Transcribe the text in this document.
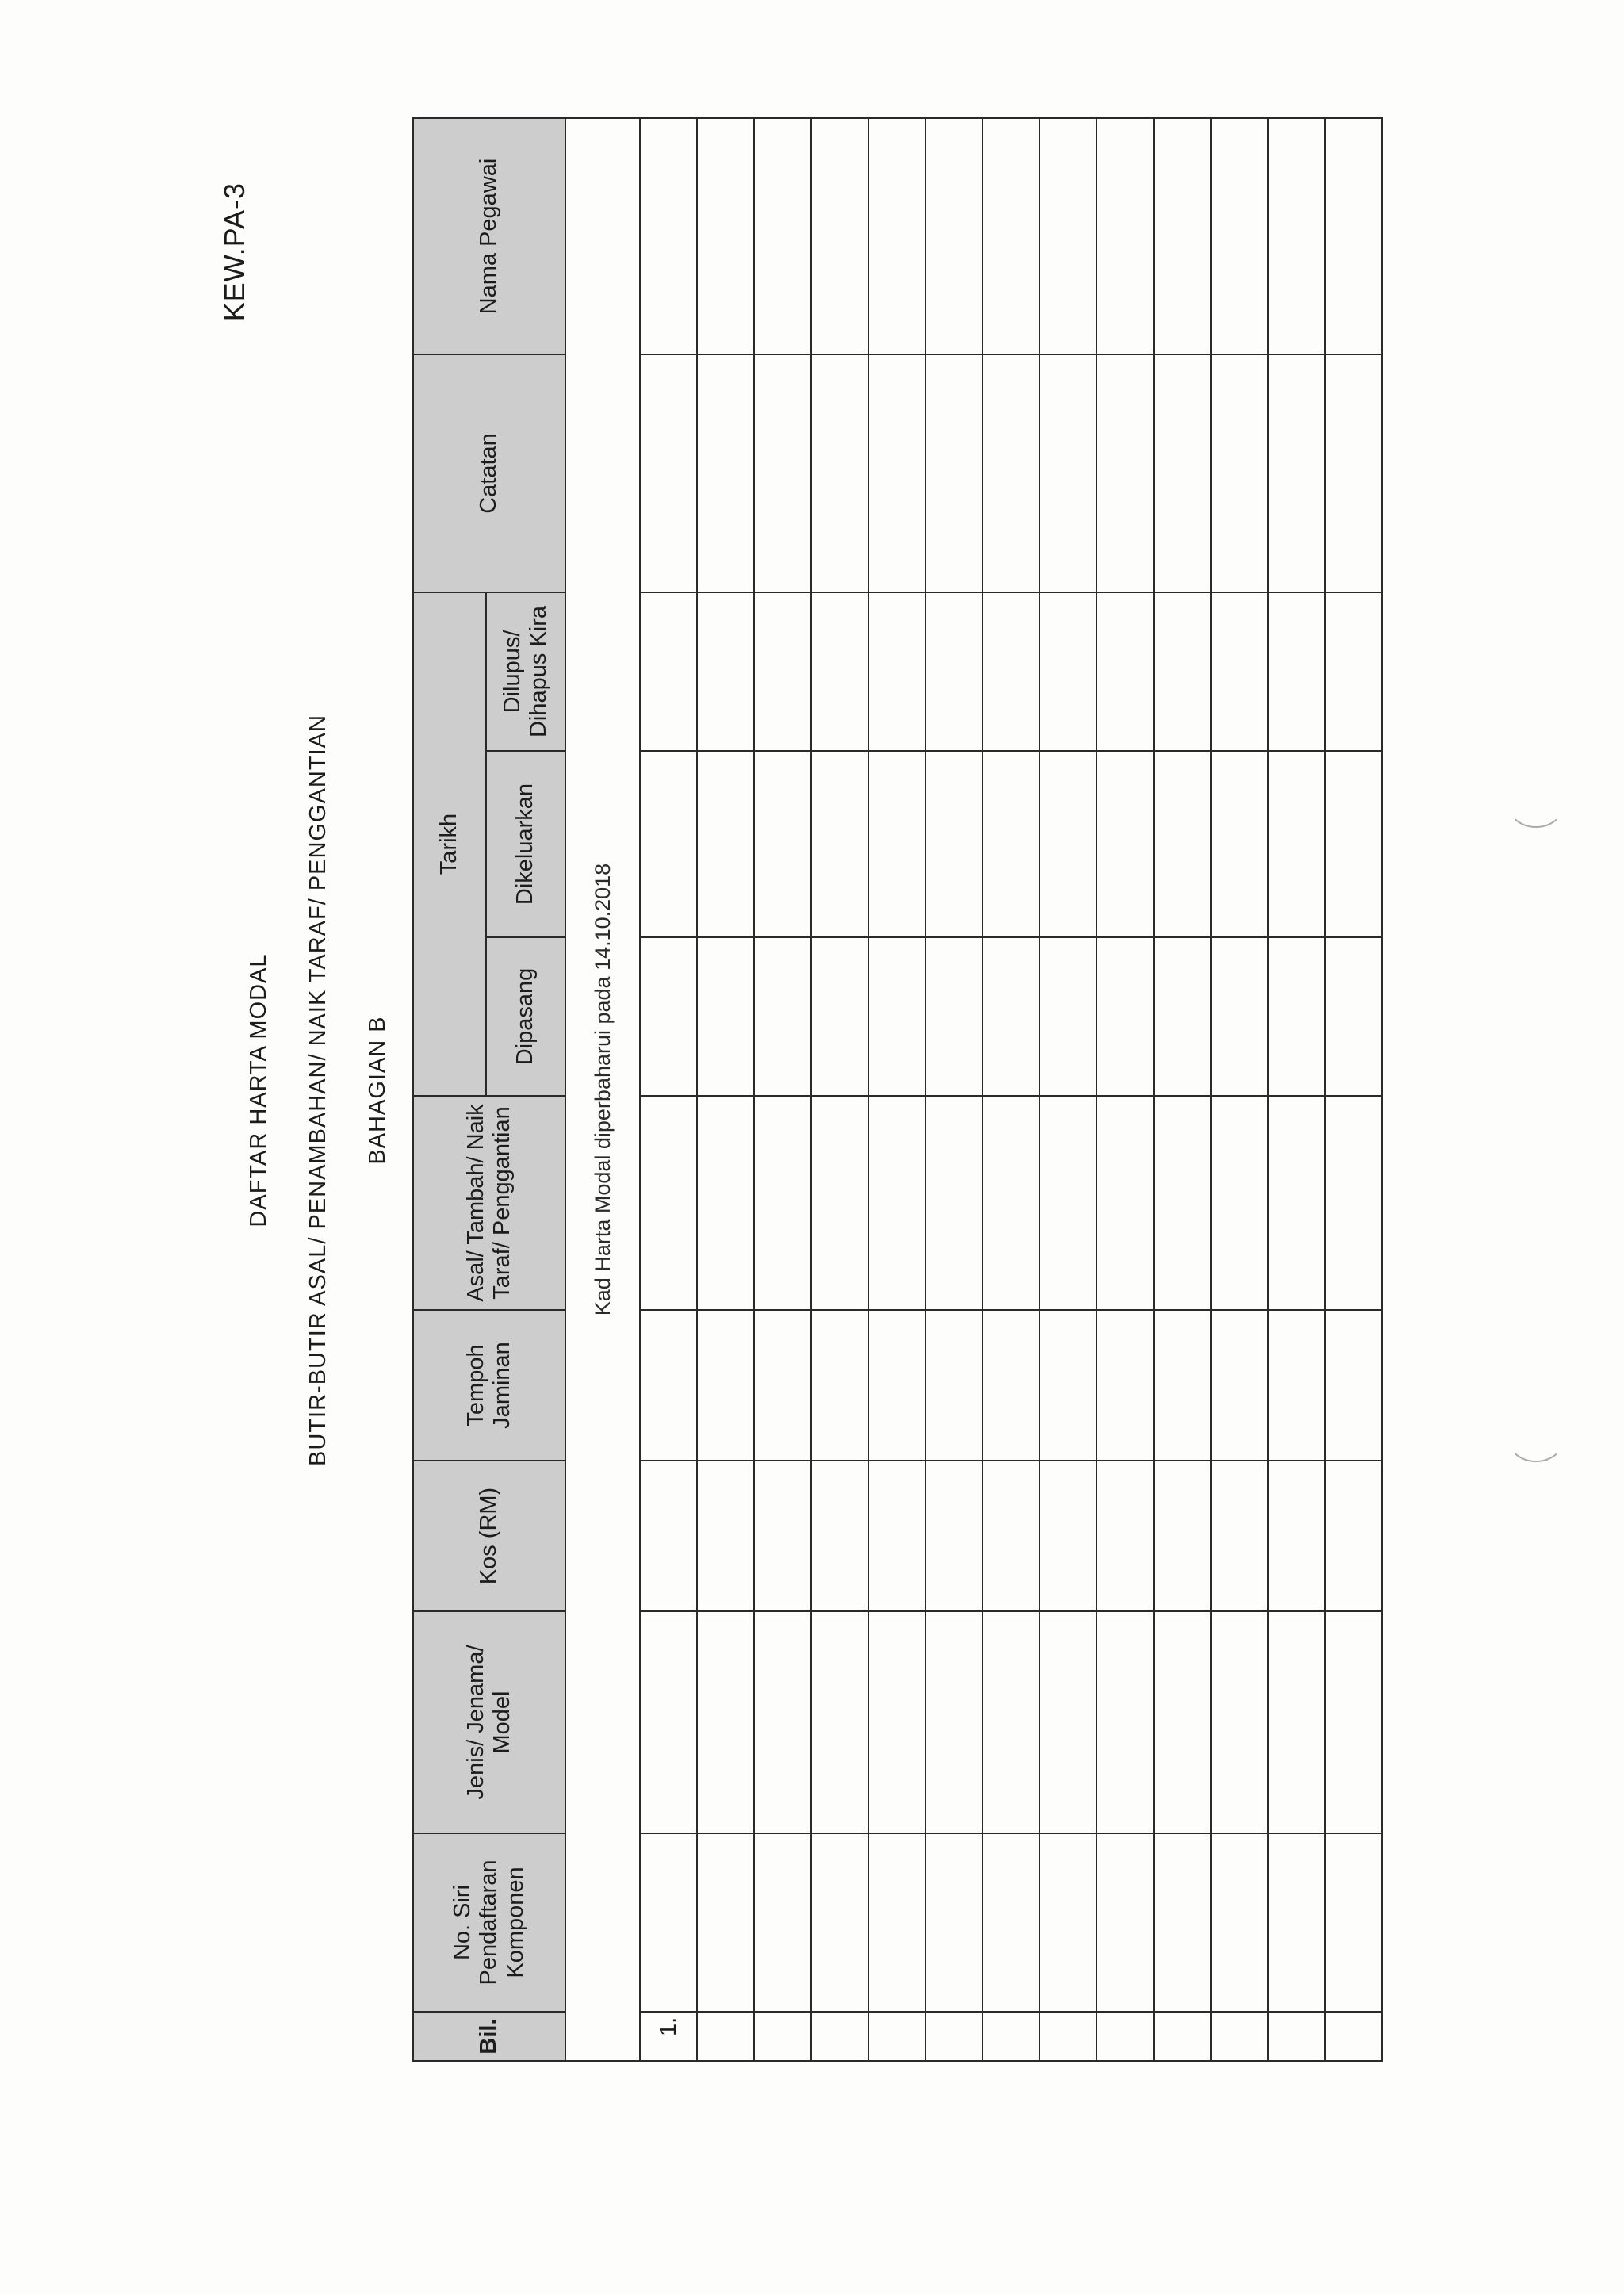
KEW.PA-3
DAFTAR HARTA MODAL BUTIR-BUTIR ASAL/ PENAMBAHAN/ NAIK TARAF/ PENGGANTIAN BAHAGIAN B
Bil.	No. Siri Pendaftaran Komponen	Jenis/ Jenama/ Model	Kos (RM)	Tempoh Jaminan	Asal/ Tambah/ Naik Taraf/ Penggantian	Tarikh			Catatan	Nama Pegawai
						Dipasang	Dikeluarkan	Dilupus/ Dihapus Kira		
Kad Harta Modal diperbaharui pada 14.10.2018										
1.										
